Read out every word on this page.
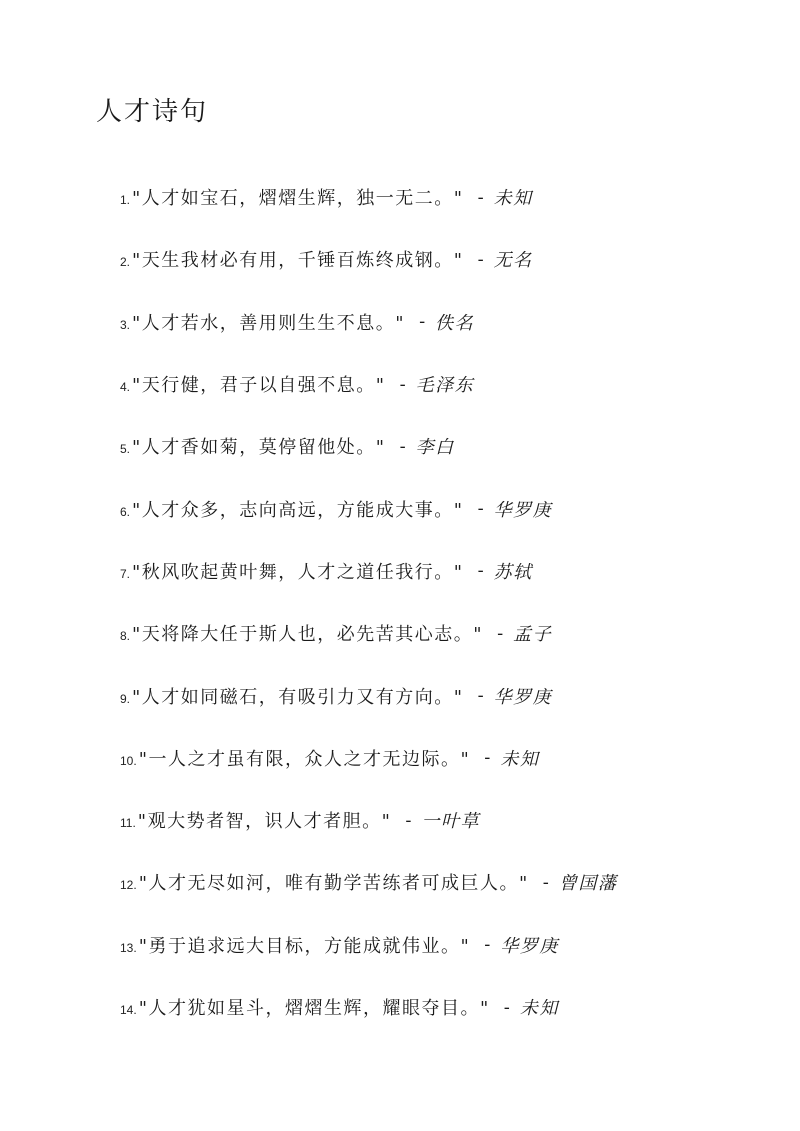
人才诗句
1. "人才如宝石，熠熠生辉，独一无二。" - 未知
2. "天生我材必有用，千锤百炼终成钢。" - 无名
3. "人才若水，善用则生生不息。" - 佚名
4. "天行健，君子以自强不息。" - 毛泽东
5. "人才香如菊，莫停留他处。" - 李白
6. "人才众多，志向高远，方能成大事。" - 华罗庚
7. "秋风吹起黄叶舞，人才之道任我行。" - 苏轼
8. "天将降大任于斯人也，必先苦其心志。" - 孟子
9. "人才如同磁石，有吸引力又有方向。" - 华罗庚
10. "一人之才虽有限，众人之才无边际。" - 未知
11. "观大势者智，识人才者胆。" - 一叶草
12. "人才无尽如河，唯有勤学苦练者可成巨人。" - 曾国藩
13. "勇于追求远大目标，方能成就伟业。" - 华罗庚
14. "人才犹如星斗，熠熠生辉，耀眼夺目。" - 未知
